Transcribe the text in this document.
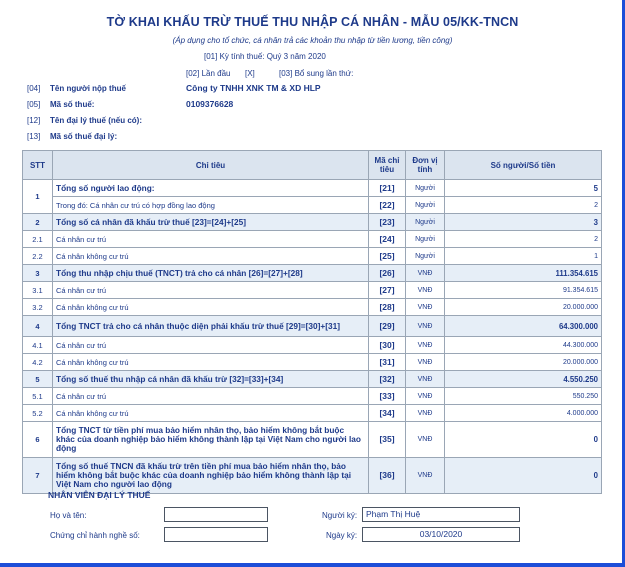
TỜ KHAI KHẤU TRỪ THUẾ THU NHẬP CÁ NHÂN - MẪU 05/KK-TNCN
(Áp dụng cho tổ chức, cá nhân trả các khoản thu nhập từ tiền lương, tiền công)
[01] Kỳ tính thuế: Quý 3 năm 2020
[02] Lần đầu [X]	[03] Bổ sung lần thứ:
[04] Tên người nộp thuế	Công ty TNHH XNK TM & XD HLP
[05] Mã số thuế:	0109376628
[12] Tên đại lý thuế (nếu có):
[13] Mã số thuế đại lý:
STT	Chỉ tiêu	Mã chỉ tiêu	Đơn vị tính	Số người/Số tiền
1	Tổng số người lao động:	[21]	Người	5
	Trong đó: Cá nhân cư trú có hợp đồng lao động	[22]	Người	2
2	Tổng số cá nhân đã khấu trừ thuế [23]=[24]+[25]	[23]	Người	3
2.1	Cá nhân cư trú	[24]	Người	2
2.2	Cá nhân không cư trú	[25]	Người	1
3	Tổng thu nhập chịu thuế (TNCT) trả cho cá nhân [26]=[27]+[28]	[26]	VNĐ	111.354.615
3.1	Cá nhân cư trú	[27]	VNĐ	91.354.615
3.2	Cá nhân không cư trú	[28]	VNĐ	20.000.000
4	Tổng TNCT trả cho cá nhân thuộc diện phải khấu trừ thuế [29]=[30]+[31]	[29]	VNĐ	64.300.000
4.1	Cá nhân cư trú	[30]	VNĐ	44.300.000
4.2	Cá nhân không cư trú	[31]	VNĐ	20.000.000
5	Tổng số thuế thu nhập cá nhân đã khấu trừ [32]=[33]+[34]	[32]	VNĐ	4.550.250
5.1	Cá nhân cư trú	[33]	VNĐ	550.250
5.2	Cá nhân không cư trú	[34]	VNĐ	4.000.000
6	Tổng TNCT từ tiền phí mua bảo hiểm nhân thọ, bảo hiểm không bắt buộc khác của doanh nghiệp bảo hiểm không thành lập tại Việt Nam cho người lao động	[35]	VNĐ	0
7	Tổng số thuế TNCN đã khấu trừ trên tiền phí mua bảo hiểm nhân thọ, bảo hiểm không bắt buộc khác của doanh nghiệp bảo hiểm không thành lập tại Việt Nam cho người lao động	[36]	VNĐ	0
NHÂN VIÊN ĐẠI LÝ THUẾ
Họ và tên:
Chứng chỉ hành nghề số:
Người ký:	Phạm Thị Huệ
Ngày ký:	03/10/2020
